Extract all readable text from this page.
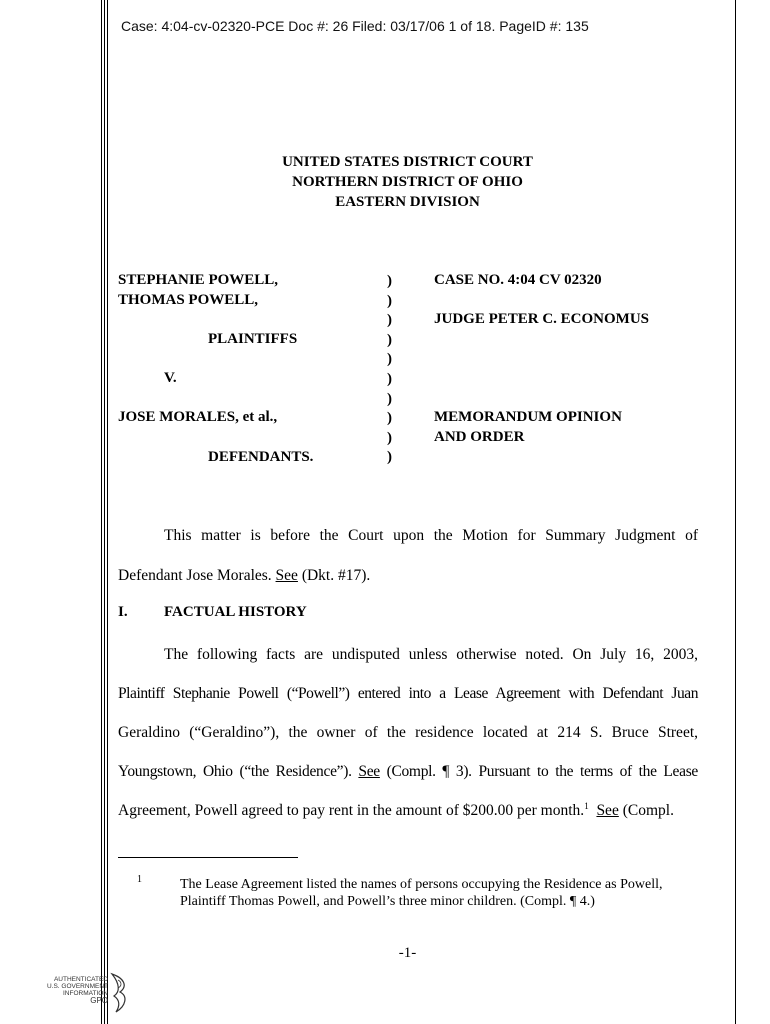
Case: 4:04-cv-02320-PCE Doc #: 26 Filed: 03/17/06 1 of 18. PageID #: 135
UNITED STATES DISTRICT COURT
NORTHERN DISTRICT OF OHIO
EASTERN DIVISION
STEPHANIE POWELL,
THOMAS POWELL,
PLAINTIFFS
V.
JOSE MORALES, et al.,
DEFENDANTS.
)
)
)
)
)
)
)
)
)
)
CASE NO. 4:04 CV 02320
JUDGE PETER C. ECONOMUS
MEMORANDUM OPINION
AND ORDER
This matter is before the Court upon the Motion for Summary Judgment of
Defendant Jose Morales. See (Dkt. #17).
I. FACTUAL HISTORY
The following facts are undisputed unless otherwise noted. On July 16, 2003,
Plaintiff Stephanie Powell (“Powell”) entered into a Lease Agreement with Defendant Juan
Geraldino (“Geraldino”), the owner of the residence located at 214 S. Bruce Street,
Youngstown, Ohio (“the Residence”). See (Compl. ¶ 3). Pursuant to the terms of the Lease
Agreement, Powell agreed to pay rent in the amount of $200.00 per month.$^1$ See (Compl.
1	The Lease Agreement listed the names of persons occupying the Residence as Powell, Plaintiff Thomas Powell, and Powell’s three minor children. (Compl. ¶ 4.)
-1-
AUTHENTICATED
U.S. GOVERNMENT
INFORMATION
GPO
